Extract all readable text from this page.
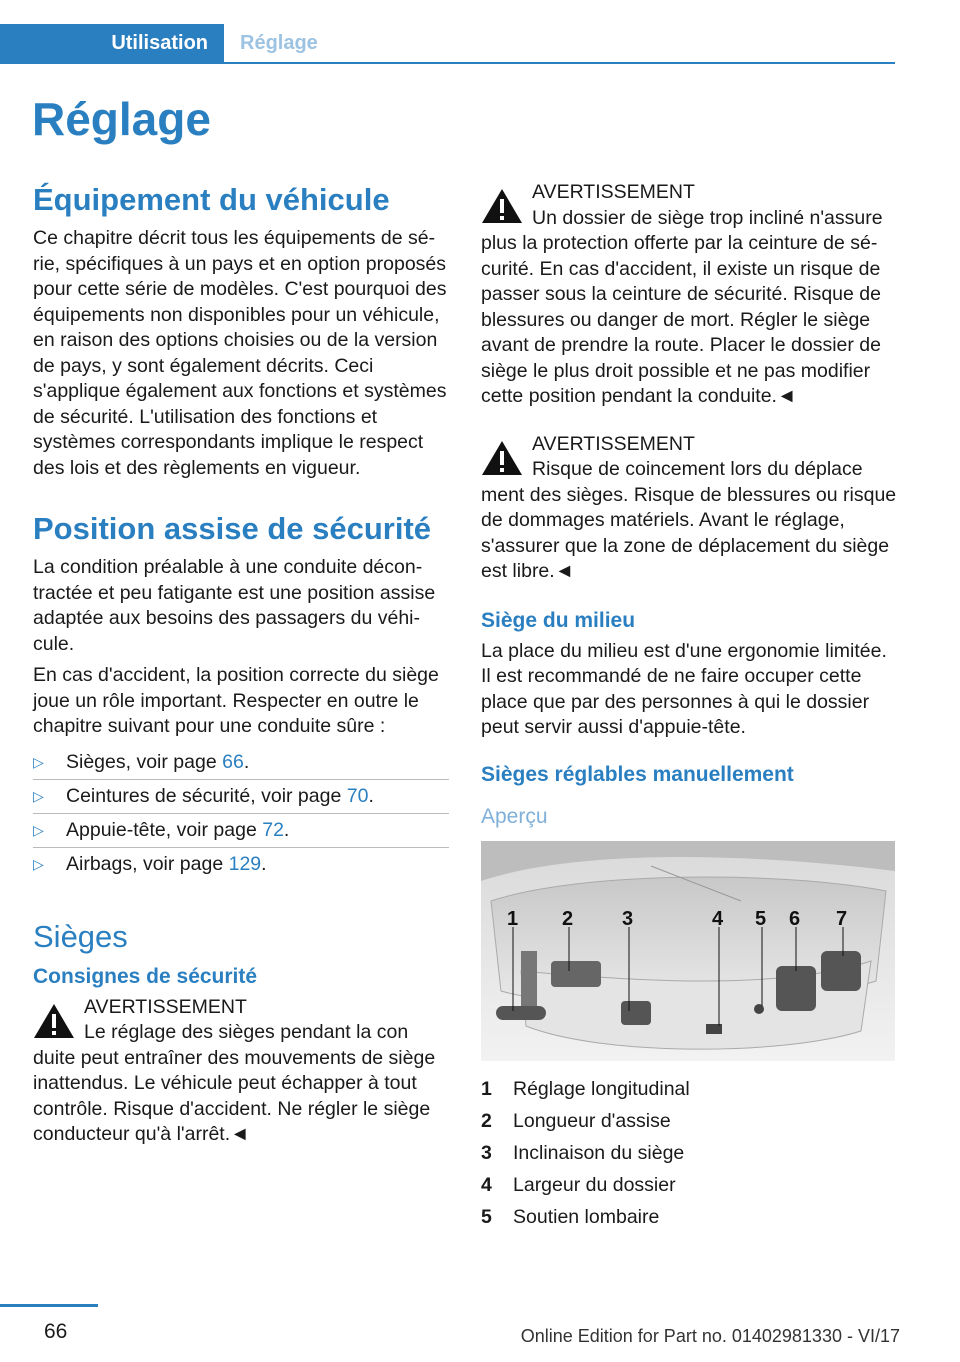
Utilisation	Réglage
Réglage
Équipement du véhicule

Ce chapitre décrit tous les équipements de série, spécifiques à un pays et en option proposés pour cette série de modèles. C'est pourquoi des équipements non disponibles pour un véhicule, en raison des options choisies ou de la version de pays, y sont également décrits. Ceci s'applique également aux fonctions et systèmes de sécurité. L'utilisation des fonctions et systèmes correspondants implique le respect des lois et des règlements en vigueur.

Position assise de sécurité

La condition préalable à une conduite décontractée et peu fatigante est une position assise adaptée aux besoins des passagers du véhicule.

En cas d'accident, la position correcte du siège joue un rôle important. Respecter en outre le chapitre suivant pour une conduite sûre :

▷ Sièges, voir page 66.
▷ Ceintures de sécurité, voir page 70.
▷ Appuie-tête, voir page 72.
▷ Airbags, voir page 129.
Sièges
Consignes de sécurité
AVERTISSEMENT
Le réglage des sièges pendant la con
duite peut entraîner des mouvements de siège inattendus. Le véhicule peut échapper à tout contrôle. Risque d'accident. Ne régler le siège conducteur qu'à l'arrêt.◄
AVERTISSEMENT
Un dossier de siège trop incliné n'assure
plus la protection offerte par la ceinture de sécurité. En cas d'accident, il existe un risque de passer sous la ceinture de sécurité. Risque de blessures ou danger de mort. Régler le siège avant de prendre la route. Placer le dossier de siège le plus droit possible et ne pas modifier cette position pendant la conduite.◄
AVERTISSEMENT
Risque de coincement lors du déplace
ment des sièges. Risque de blessures ou risque de dommages matériels. Avant le réglage, s'assurer que la zone de déplacement du siège est libre.◄
Siège du milieu

La place du milieu est d'une ergonomie limitée. Il est recommandé de ne faire occuper cette place que par des personnes à qui le dossier peut servir aussi d'appuie-tête.

Sièges réglables manuellement
Aperçu
1 2 3	4 5 6 7
1 Réglage longitudinal
2 Longueur d'assise
3 Inclinaison du siège
4 Largeur du dossier
5 Soutien lombaire
66	Online Edition for Part no. 01402981330 - VI/17
